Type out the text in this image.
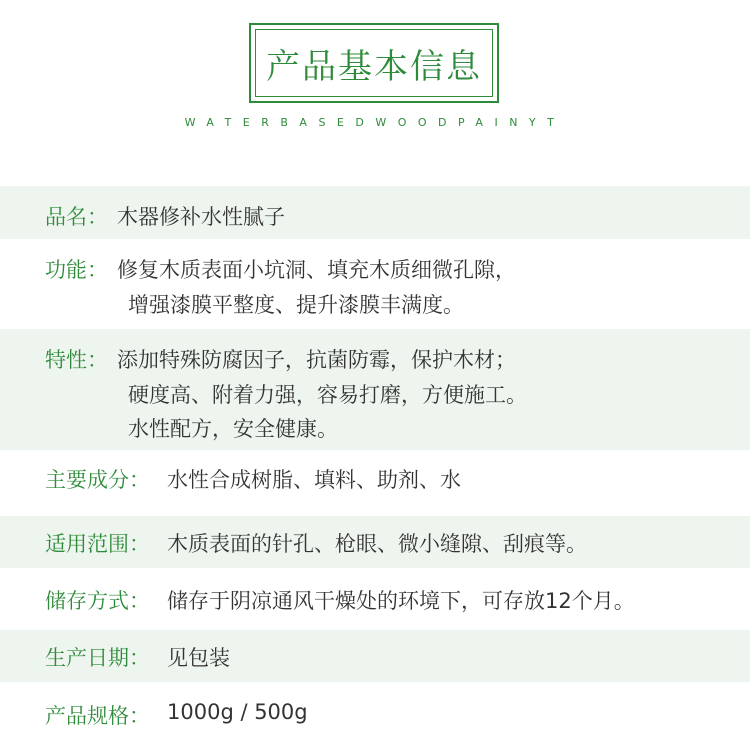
产品基本信息
WATERBASEDWOODPAINYT
品名： 木器修补水性腻子
功能： 修复木质表面小坑洞、填充木质细微孔隙，
增强漆膜平整度、提升漆膜丰满度。
特性： 添加特殊防腐因子，抗菌防霉，保护木材；
硬度高、附着力强，容易打磨，方便施工。
水性配方，安全健康。
主要成分： 水性合成树脂、填料、助剂、水
适用范围： 木质表面的针孔、枪眼、微小缝隙、刮痕等。
储存方式： 储存于阴凉通风干燥处的环境下，可存放12个月。
生产日期： 见包装
产品规格： 1000g / 500g
